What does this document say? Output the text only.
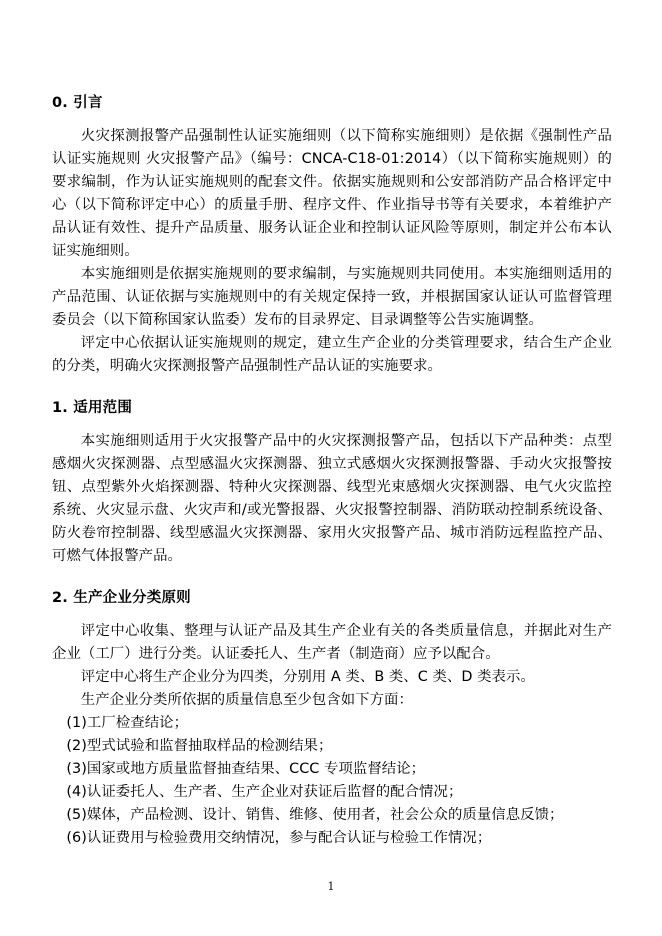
0. 引言

火灾探测报警产品强制性认证实施细则（以下简称实施细则）是依据《强制性产品认证实施规则 火灾报警产品》（编号：CNCA-C18-01:2014）（以下简称实施规则）的要求编制，作为认证实施规则的配套文件。依据实施规则和公安部消防产品合格评定中心（以下简称评定中心）的质量手册、程序文件、作业指导书等有关要求，本着维护产品认证有效性、提升产品质量、服务认证企业和控制认证风险等原则，制定并公布本认证实施细则。

本实施细则是依据实施规则的要求编制，与实施规则共同使用。本实施细则适用的产品范围、认证依据与实施规则中的有关规定保持一致，并根据国家认证认可监督管理委员会（以下简称国家认监委）发布的目录界定、目录调整等公告实施调整。

评定中心依据认证实施规则的规定，建立生产企业的分类管理要求，结合生产企业的分类，明确火灾探测报警产品强制性产品认证的实施要求。

1. 适用范围

本实施细则适用于火灾报警产品中的火灾探测报警产品，包括以下产品种类：点型感烟火灾探测器、点型感温火灾探测器、独立式感烟火灾探测报警器、手动火灾报警按钮、点型紫外火焰探测器、特种火灾探测器、线型光束感烟火灾探测器、电气火灾监控系统、火灾显示盘、火灾声和/或光警报器、火灾报警控制器、消防联动控制系统设备、防火卷帘控制器、线型感温火灾探测器、家用火灾报警产品、城市消防远程监控产品、可燃气体报警产品。

2. 生产企业分类原则

评定中心收集、整理与认证产品及其生产企业有关的各类质量信息，并据此对生产企业（工厂）进行分类。认证委托人、生产者（制造商）应予以配合。

评定中心将生产企业分为四类，分别用 A 类、B 类、C 类、D 类表示。

生产企业分类所依据的质量信息至少包含如下方面：

(1)工厂检查结论；

(2)型式试验和监督抽取样品的检测结果；

(3)国家或地方质量监督抽查结果、CCC 专项监督结论；

(4)认证委托人、生产者、生产企业对获证后监督的配合情况；

(5)媒体，产品检测、设计、销售、维修、使用者，社会公众的质量信息反馈；

(6)认证费用与检验费用交纳情况，参与配合认证与检验工作情况；

1
